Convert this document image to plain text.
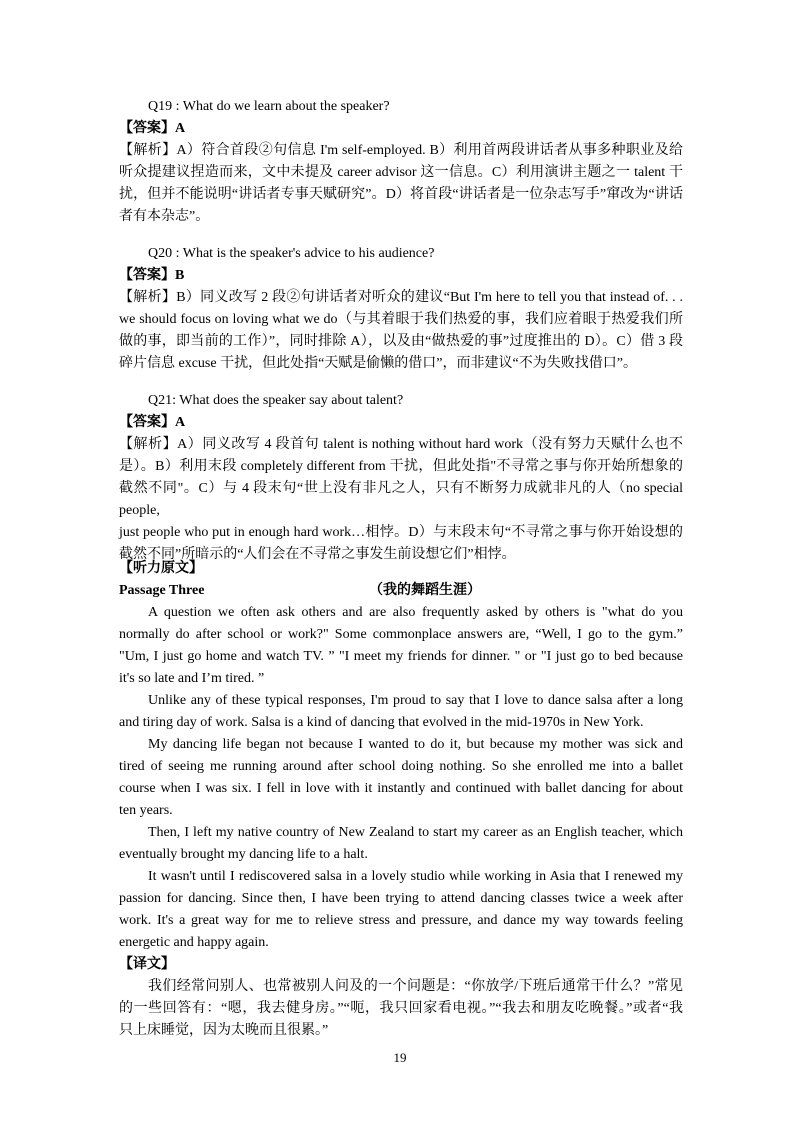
Q19 : What do we learn about the speaker?

【答案】A

【解析】A）符合首段②句信息 I'm self-employed. B）利用首两段讲话者从事多种职业及给

听众提建议捏造而来，文中未提及 career advisor 这一信息。C）利用演讲主题之一 talent 干

扰，但并不能说明“讲话者专事天赋研究”。D）将首段“讲话者是一位杂志写手”窜改为“讲话

者有本杂志”。

Q20 : What is the speaker's advice to his audience?

【答案】B

【解析】B）同义改写 2 段②句讲话者对听众的建议“But I'm here to tell you that instead of. . .

we should focus on loving what we do（与其着眼于我们热爱的事，我们应着眼于热爱我们所

做的事，即当前的工作）”，同时排除 A），以及由“做热爱的事”过度推出的 D）。C）借 3 段

碎片信息 excuse 干扰，但此处指“天赋是偷懒的借口”，而非建议“不为失败找借口”。

Q21: What does the speaker say about talent?

【答案】A

【解析】A）同义改写 4 段首句 talent is nothing without hard work（没有努力天赋什么也不

是）。B）利用末段 completely different from 干扰，但此处指"不寻常之事与你开始所想象的

截然不同"。C）与 4 段末句“世上没有非凡之人，只有不断努力成就非凡的人（no special people,

just people who put in enough hard work…相悖。D）与末段末句“不寻常之事与你开始设想的

截然不同”所暗示的“人们会在不寻常之事发生前设想它们”相悖。

【听力原文】

Passage Three	（我的舞蹈生涯）

A question we often ask others and are also frequently asked by others is "what do you

normally do after school or work?" Some commonplace answers are, “Well, I go to the gym.”

"Um, I just go home and watch TV. ” "I meet my friends for dinner. " or "I just go to bed because

it's so late and I’m tired. ”

Unlike any of these typical responses, I'm proud to say that I love to dance salsa after a long

and tiring day of work. Salsa is a kind of dancing that evolved in the mid-1970s in New York.

My dancing life began not because I wanted to do it, but because my mother was sick and

tired of seeing me running around after school doing nothing. So she enrolled me into a ballet

course when I was six. I fell in love with it instantly and continued with ballet dancing for about

ten years.

Then, I left my native country of New Zealand to start my career as an English teacher, which

eventually brought my dancing life to a halt.

It wasn't until I rediscovered salsa in a lovely studio while working in Asia that I renewed my

passion for dancing. Since then, I have been trying to attend dancing classes twice a week after

work. It's a great way for me to relieve stress and pressure, and dance my way towards feeling

energetic and happy again.

【译文】

我们经常问别人、也常被别人问及的一个问题是：“你放学/下班后通常干什么？”常见

的一些回答有：“嗯，我去健身房。”“呃，我只回家看电视。”“我去和朋友吃晚餐。”或者“我

只上床睡觉，因为太晚而且很累。”

19
